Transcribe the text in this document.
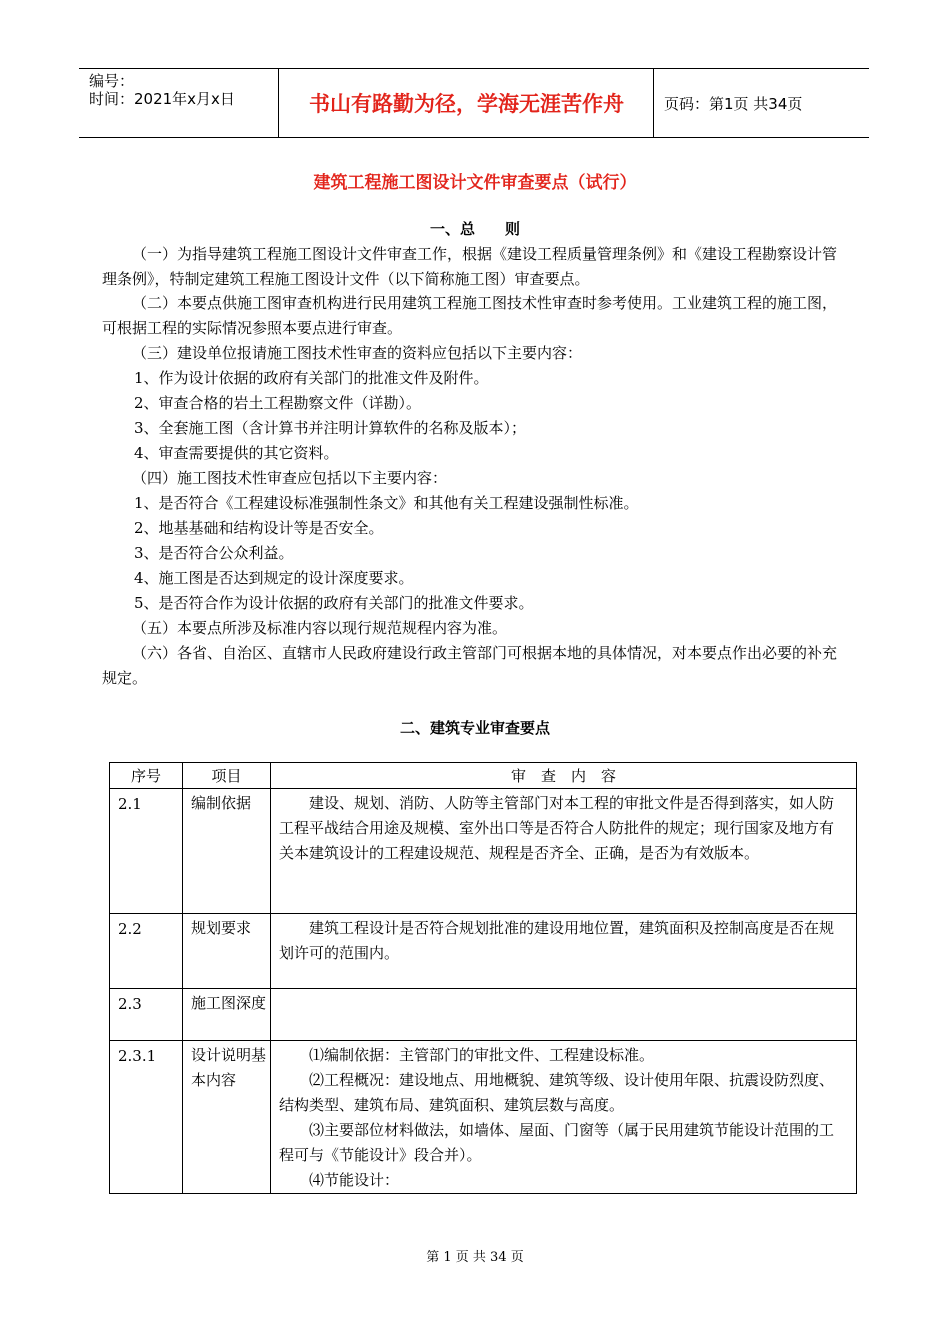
编号：
时间：2021年x月x日	书山有路勤为径，学海无涯苦作舟	页码：第1页 共34页
建筑工程施工图设计文件审查要点（试行）
一、总　　则
（一）为指导建筑工程施工图设计文件审查工作，根据《建设工程质量管理条例》和《建设工程勘察设计管理条例》，特制定建筑工程施工图设计文件（以下简称施工图）审查要点。
（二）本要点供施工图审查机构进行民用建筑工程施工图技术性审查时参考使用。工业建筑工程的施工图，可根据工程的实际情况参照本要点进行审查。
（三）建设单位报请施工图技术性审查的资料应包括以下主要内容：
1、作为设计依据的政府有关部门的批准文件及附件。
2、审查合格的岩土工程勘察文件（详勘）。
3、全套施工图（含计算书并注明计算软件的名称及版本）；
4、审查需要提供的其它资料。
（四）施工图技术性审查应包括以下主要内容：
1、是否符合《工程建设标准强制性条文》和其他有关工程建设强制性标准。
2、地基基础和结构设计等是否安全。
3、是否符合公众利益。
4、施工图是否达到规定的设计深度要求。
5、是否符合作为设计依据的政府有关部门的批准文件要求。
（五）本要点所涉及标准内容以现行规范规程内容为准。
（六）各省、自治区、直辖市人民政府建设行政主管部门可根据本地的具体情况，对本要点作出必要的补充规定。
二、建筑专业审查要点
序号	项目	审　查　内　容
2.1	编制依据	建设、规划、消防、人防等主管部门对本工程的审批文件是否得到落实，如人防工程平战结合用途及规模、室外出口等是否符合人防批件的规定；现行国家及地方有关本建筑设计的工程建设规范、规程是否齐全、正确，是否为有效版本。

2.2	规划要求	建筑工程设计是否符合规划批准的建设用地位置，建筑面积及控制高度是否在规划许可的范围内。

2.3	施工图深度	
2.3.1	设计说明基本内容	⑴编制依据：主管部门的审批文件、工程建设标准。
⑵工程概况：建设地点、用地概貌、建筑等级、设计使用年限、抗震设防烈度、结构类型、建筑布局、建筑面积、建筑层数与高度。
⑶主要部位材料做法，如墙体、屋面、门窗等（属于民用建筑节能设计范围的工程可与《节能设计》段合并）。
⑷节能设计：
第 1 页 共 34 页
